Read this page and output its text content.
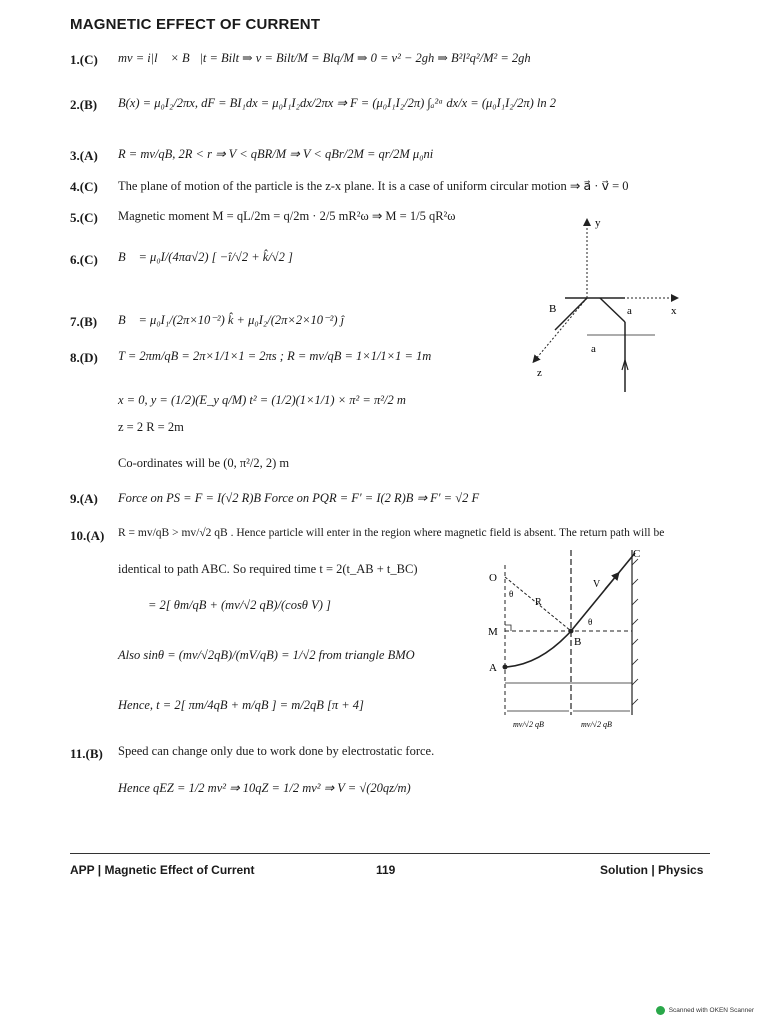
MAGNETIC EFFECT OF CURRENT
1.(C) mv = i|l⃗ × B⃗|t = Bilt ⇒ v = Bilt/M = Blq/M ⇒ 0 = v² − 2gh ⇒ B²l²q²/M² = 2gh
2.(B) B(x) = μ₀I₂/2πx, dF = BI₁dx = μ₀I₁I₂dx/2πx ⇒ F = (μ₀I₁I₂/2π) ∫ₐ²ᵃ dx/x = (μ₀I₁I₂/2π) ln 2
3.(A) R = mv/qB, 2R < r ⇒ V < qBR/M ⇒ V < qBr/2M = qr/2M μ₀ni
4.(C) The plane of motion of the particle is the z-x plane. It is a case of uniform circular motion ⇒ a⃗ · v⃗ = 0
5.(C) Magnetic moment M = qL/2m = q/2m · 2/5 mR²ω ⇒ M = 1/5 qR²ω
6.(C) B⃗ = μ₀I/(4πa√2) [ −î/√2 + k̂/√2 ]
7.(B) B⃗ = μ₀I₁/(2π×10⁻²) k̂ + μ₀I₂/(2π×2×10⁻²) ĵ
8.(D) T = 2πm/qB = 2π×1/1×1 = 2πs ; R = mv/qB = 1×1/1×1 = 1m
x = 0, y = (1/2)(E_y q/M) t² = (1/2)(1×1/1) × π² = π²/2 m
z = 2 R = 2m
Co-ordinates will be (0, π²/2, 2) m
9.(A) Force on PS = F = I(√2 R)B Force on PQR = F′ = I(2 R)B ⇒ F′ = √2 F
10.(A) R = mv/qB > mv/√2 qB . Hence particle will enter in the region where magnetic field is absent. The return path will be
identical to path ABC. So required time t = 2(t_AB + t_BC)
= 2[ θm/qB + (mv/√2 qB)/(cosθ V) ]
Also sinθ = (mv/√2qB)/(mV/qB) = 1/√2 from triangle BMO
Hence, t = 2[ πm/4qB + m/qB ] = m/2qB [π + 4]
11.(B) Speed can change only due to work done by electrostatic force.
Hence qEZ = 1/2 mv² ⇒ 10qZ = 1/2 mv² ⇒ V = √(20qz/m)
y
x
z
B	a
a
C
O
R
V
M
θ
θ
B
A
mv/√2 qB	mv/√2 qB
APP | Magnetic Effect of Current	119	Solution | Physics
Scanned with OKEN Scanner
